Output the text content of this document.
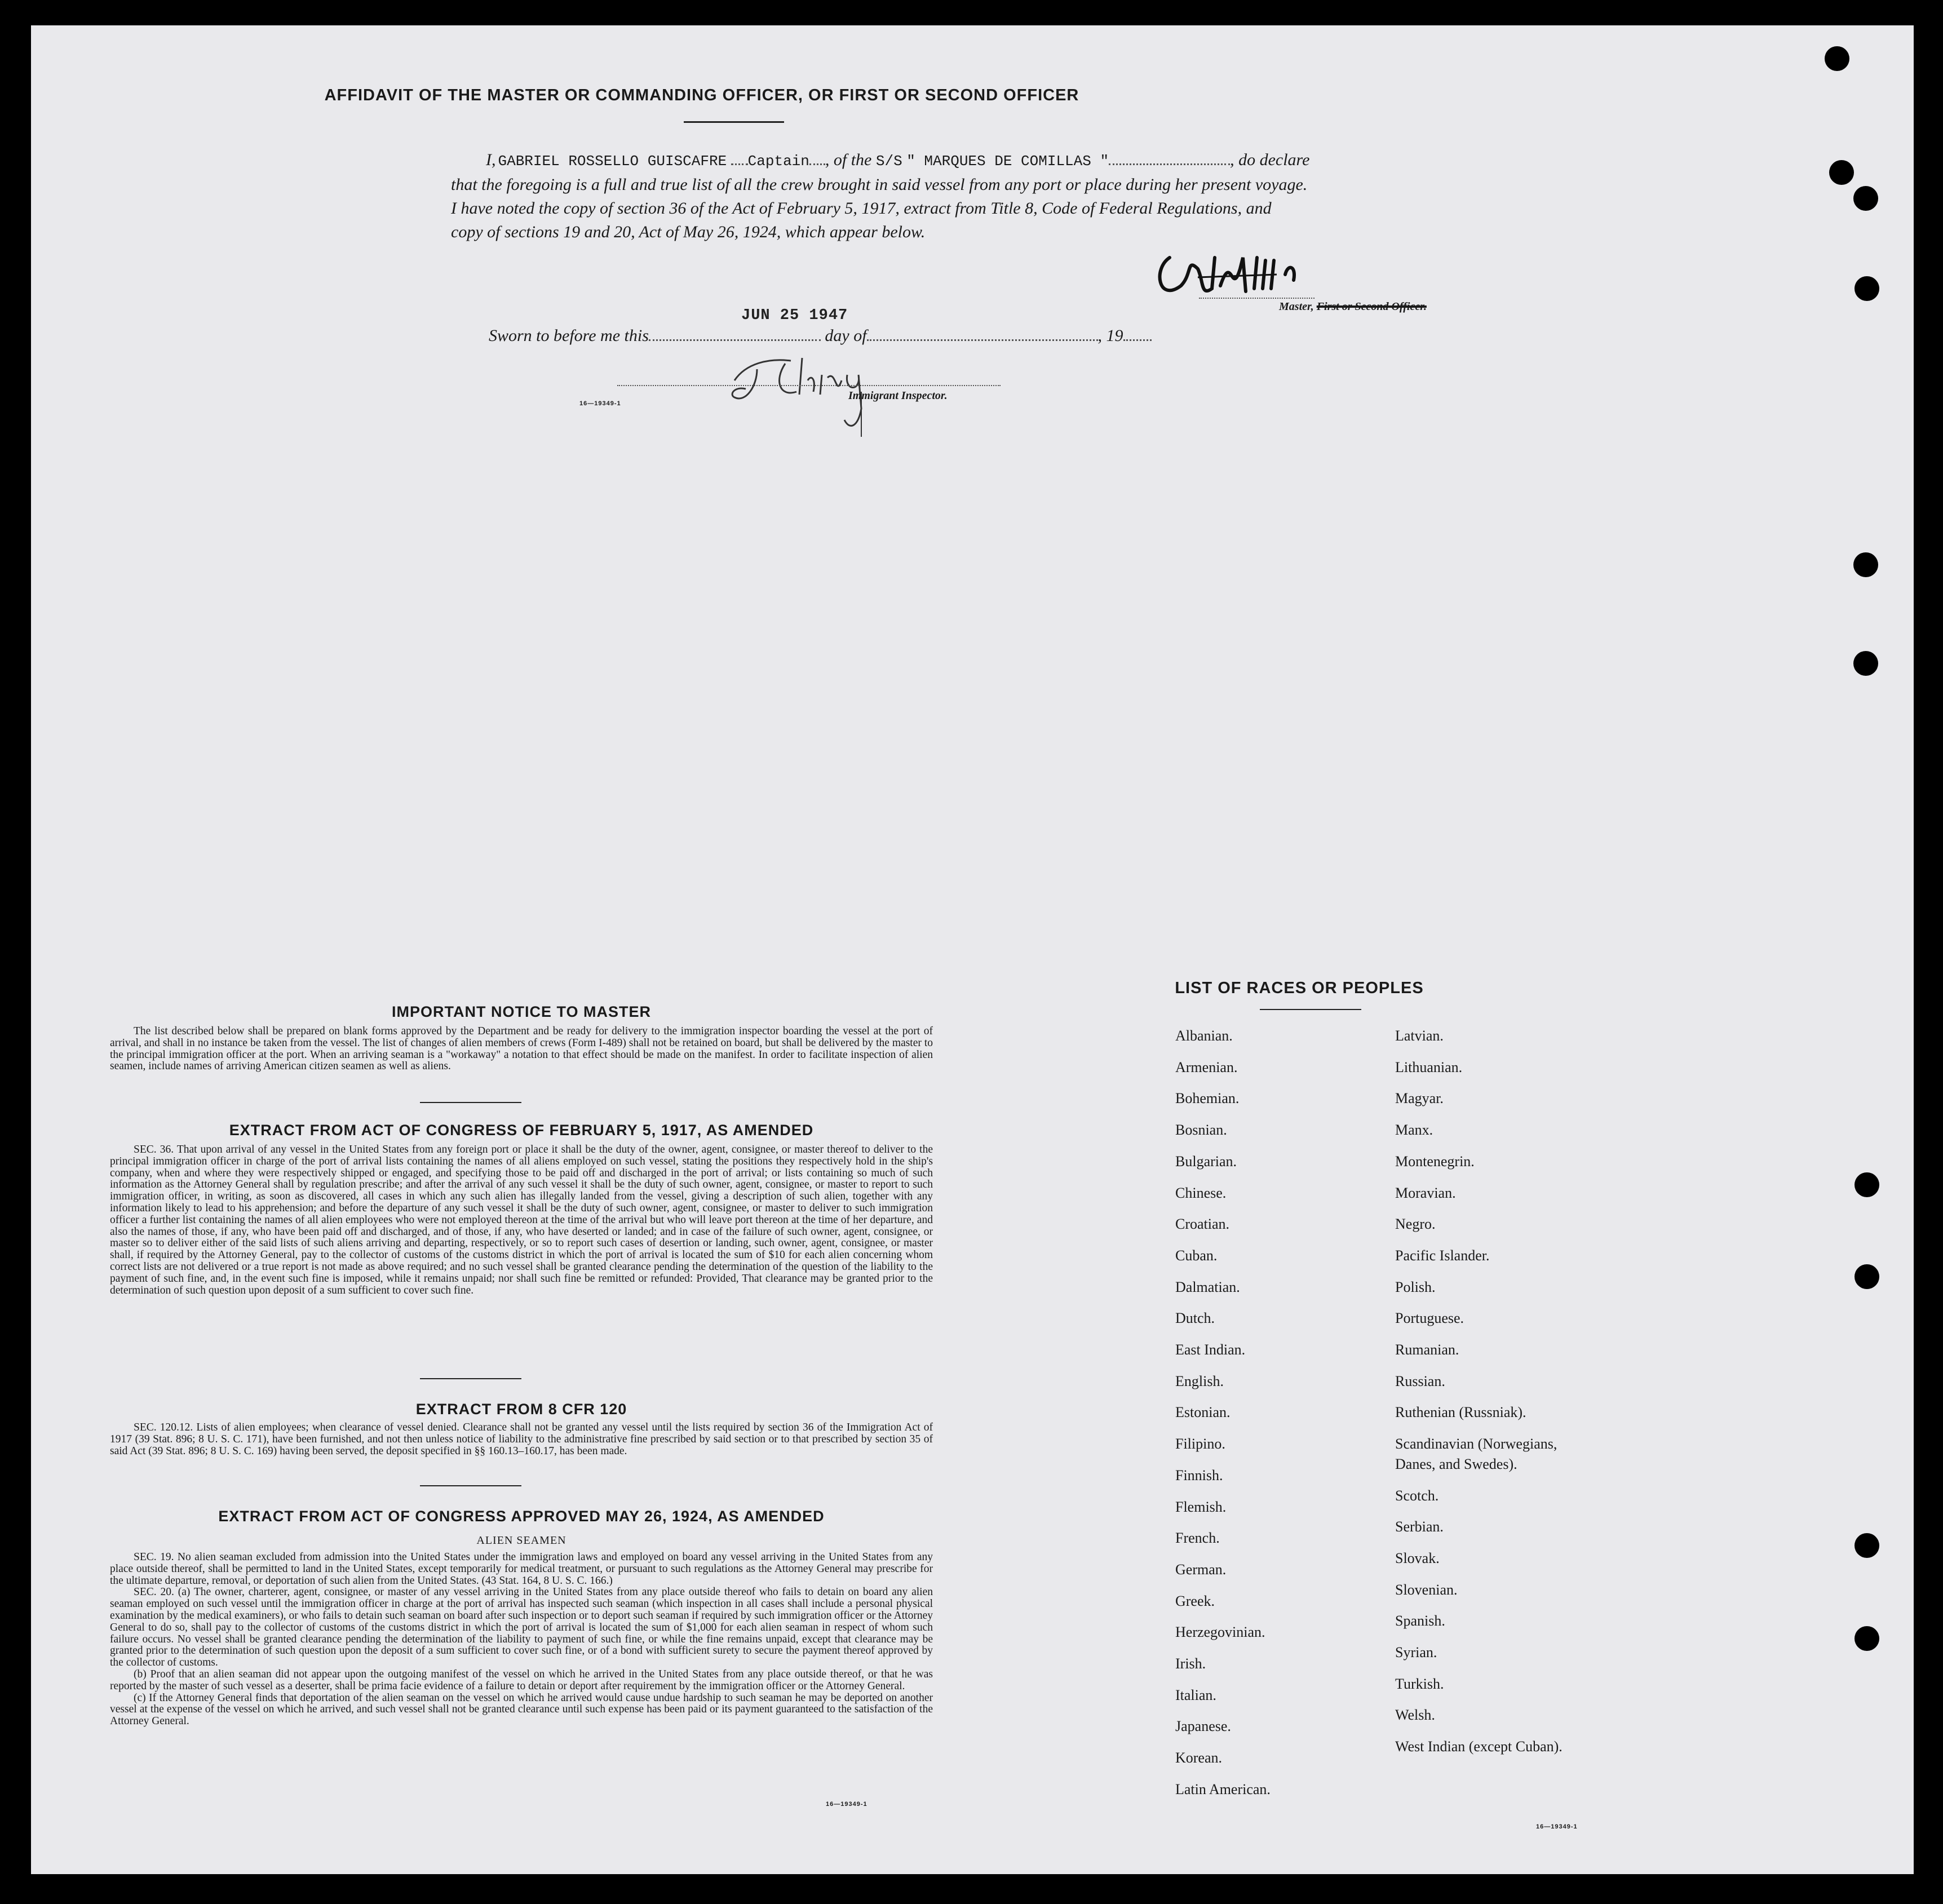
AFFIDAVIT OF THE MASTER OR COMMANDING OFFICER, OR FIRST OR SECOND OFFICER
I, GABRIEL ROSSELLO GUISCAFRE Captain , of the S/S " MARQUES DE COMILLAS "	, do declare
that the foregoing is a full and true list of all the crew brought in said vessel from any port or place during her present voyage.
I have noted the copy of section 36 of the Act of February 5, 1917, extract from Title 8, Code of Federal Regulations, and
copy of sections 19 and 20, Act of May 26, 1924, which appear below.
Master, First or Second Officer.
Sworn to before me this	day of	, 19
JUN 25 1947
16—19349-1
Immigrant Inspector.
IMPORTANT NOTICE TO MASTER
The list described below shall be prepared on blank forms approved by the Department and be ready for delivery to the immigration inspector boarding the vessel at the port of arrival, and shall in no instance be taken from the vessel. The list of changes of alien members of crews (Form I-489) shall not be retained on board, but shall be delivered by the master to the principal immigration officer at the port. When an arriving seaman is a "workaway" a notation to that effect should be made on the manifest. In order to facilitate inspection of alien seamen, include names of arriving American citizen seamen as well as aliens.
EXTRACT FROM ACT OF CONGRESS OF FEBRUARY 5, 1917, AS AMENDED
SEC. 36. That upon arrival of any vessel in the United States from any foreign port or place it shall be the duty of the owner, agent, consignee, or master thereof to deliver to the principal immigration officer in charge of the port of arrival lists containing the names of all aliens employed on such vessel, stating the positions they respectively hold in the ship's company, when and where they were respectively shipped or engaged, and specifying those to be paid off and discharged in the port of arrival; or lists containing so much of such information as the Attorney General shall by regulation prescribe; and after the arrival of any such vessel it shall be the duty of such owner, agent, consignee, or master to report to such immigration officer, in writing, as soon as discovered, all cases in which any such alien has illegally landed from the vessel, giving a description of such alien, together with any information likely to lead to his apprehension; and before the departure of any such vessel it shall be the duty of such owner, agent, consignee, or master to deliver to such immigration officer a further list containing the names of all alien employees who were not employed thereon at the time of the arrival but who will leave port thereon at the time of her departure, and also the names of those, if any, who have been paid off and discharged, and of those, if any, who have deserted or landed; and in case of the failure of such owner, agent, consignee, or master so to deliver either of the said lists of such aliens arriving and departing, respectively, or so to report such cases of desertion or landing, such owner, agent, consignee, or master shall, if required by the Attorney General, pay to the collector of customs of the customs district in which the port of arrival is located the sum of $10 for each alien concerning whom correct lists are not delivered or a true report is not made as above required; and no such vessel shall be granted clearance pending the determination of the question of the liability to the payment of such fine, and, in the event such fine is imposed, while it remains unpaid; nor shall such fine be remitted or refunded: Provided, That clearance may be granted prior to the determination of such question upon deposit of a sum sufficient to cover such fine.
EXTRACT FROM 8 CFR 120
SEC. 120.12. Lists of alien employees; when clearance of vessel denied. Clearance shall not be granted any vessel until the lists required by section 36 of the Immigration Act of 1917 (39 Stat. 896; 8 U. S. C. 171), have been furnished, and not then unless notice of liability to the administrative fine prescribed by said section or to that prescribed by section 35 of said Act (39 Stat. 896; 8 U. S. C. 169) having been served, the deposit specified in §§ 160.13–160.17, has been made.
EXTRACT FROM ACT OF CONGRESS APPROVED MAY 26, 1924, AS AMENDED
ALIEN SEAMEN
SEC. 19. No alien seaman excluded from admission into the United States under the immigration laws and employed on board any vessel arriving in the United States from any place outside thereof, shall be permitted to land in the United States, except temporarily for medical treatment, or pursuant to such regulations as the Attorney General may prescribe for the ultimate departure, removal, or deportation of such alien from the United States. (43 Stat. 164, 8 U. S. C. 166.)
SEC. 20. (a) The owner, charterer, agent, consignee, or master of any vessel arriving in the United States from any place outside thereof who fails to detain on board any alien seaman employed on such vessel until the immigration officer in charge at the port of arrival has inspected such seaman (which inspection in all cases shall include a personal physical examination by the medical examiners), or who fails to detain such seaman on board after such inspection or to deport such seaman if required by such immigration officer or the Attorney General to do so, shall pay to the collector of customs of the customs district in which the port of arrival is located the sum of $1,000 for each alien seaman in respect of whom such failure occurs. No vessel shall be granted clearance pending the determination of the liability to payment of such fine, or while the fine remains unpaid, except that clearance may be granted prior to the determination of such question upon the deposit of a sum sufficient to cover such fine, or of a bond with sufficient surety to secure the payment thereof approved by the collector of customs.
(b) Proof that an alien seaman did not appear upon the outgoing manifest of the vessel on which he arrived in the United States from any place outside thereof, or that he was reported by the master of such vessel as a deserter, shall be prima facie evidence of a failure to detain or deport after requirement by the immigration officer or the Attorney General.
(c) If the Attorney General finds that deportation of the alien seaman on the vessel on which he arrived would cause undue hardship to such seaman he may be deported on another vessel at the expense of the vessel on which he arrived, and such vessel shall not be granted clearance until such expense has been paid or its payment guaranteed to the satisfaction of the Attorney General.
16—19349-1
LIST OF RACES OR PEOPLES
Albanian.
Armenian.
Bohemian.
Bosnian.
Bulgarian.
Chinese.
Croatian.
Cuban.
Dalmatian.
Dutch.
East Indian.
English.
Estonian.
Filipino.
Finnish.
Flemish.
French.
German.
Greek.
Herzegovinian.
Irish.
Italian.
Japanese.
Korean.
Latin American.
Latvian.
Lithuanian.
Magyar.
Manx.
Montenegrin.
Moravian.
Negro.
Pacific Islander.
Polish.
Portuguese.
Rumanian.
Russian.
Ruthenian (Russniak).
Scandinavian (Norwegians,
Danes, and Swedes).
Scotch.
Serbian.
Slovak.
Slovenian.
Spanish.
Syrian.
Turkish.
Welsh.
West Indian (except Cuban).
16—19349-1
